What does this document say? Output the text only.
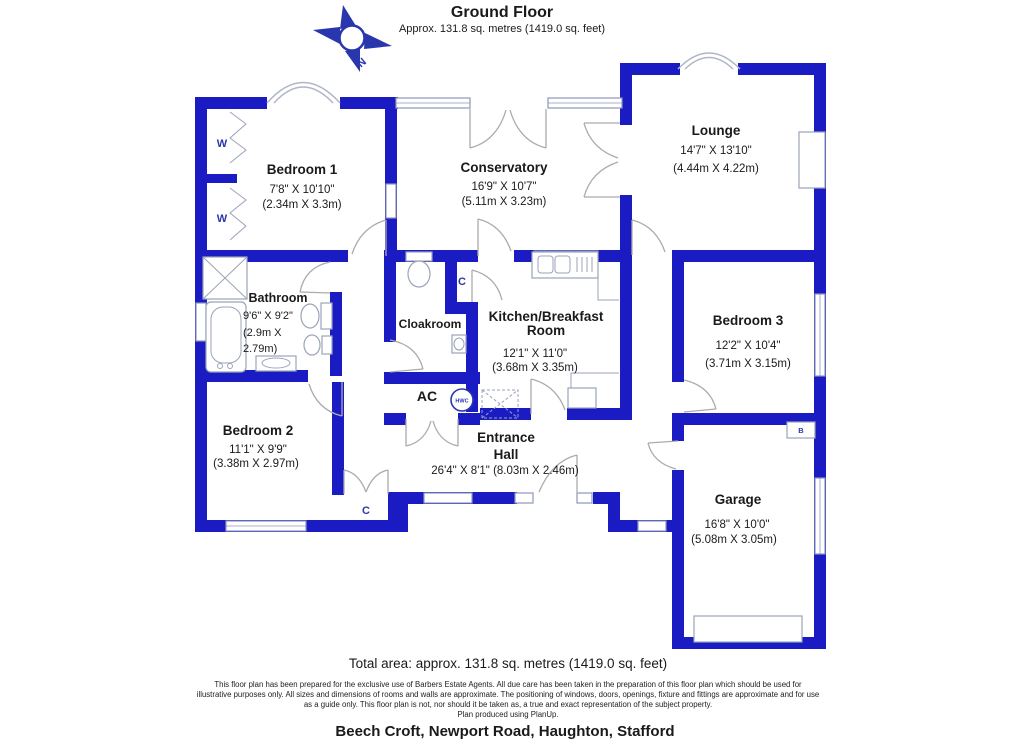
Ground Floor
Approx. 131.8 sq. metres (1419.0 sq. feet)
N
HWC
B
Bedroom 1
7'8" X 10'10"
(2.34m X 3.3m)
Conservatory
16'9" X 10'7"
(5.11m X 3.23m)
Lounge
14'7" X 13'10"
(4.44m X 4.22m)
Bathroom
9'6" X 9'2"
(2.9m X
2.79m)
Cloakroom Kitchen/Breakfast
Room
12'1" X 11'0"
(3.68m X 3.35m)
Bedroom 3
12'2" X 10'4"
(3.71m X 3.15m)
Bedroom 2
11'1" X 9'9"
(3.38m X 2.97m)
AC
Entrance
Hall
26'4" X 8'1" (8.03m X 2.46m)
Garage
16'8" X 10'0"
(5.08m X 3.05m)
W
W
C
C
Total area: approx. 131.8 sq. metres (1419.0 sq. feet)
This floor plan has been prepared for the exclusive use of Barbers Estate Agents. All due care has been taken in the preparation of this floor plan which should be used for
illustrative purposes only. All sizes and dimensions of rooms and walls are approximate. The positioning of windows, doors, openings, fixture and fittings are approximate and for use
as a guide only. This floor plan is not, nor should it be taken as, a true and exact representation of the subject property.
Plan produced using PlanUp.
Beech Croft, Newport Road, Haughton, Stafford
